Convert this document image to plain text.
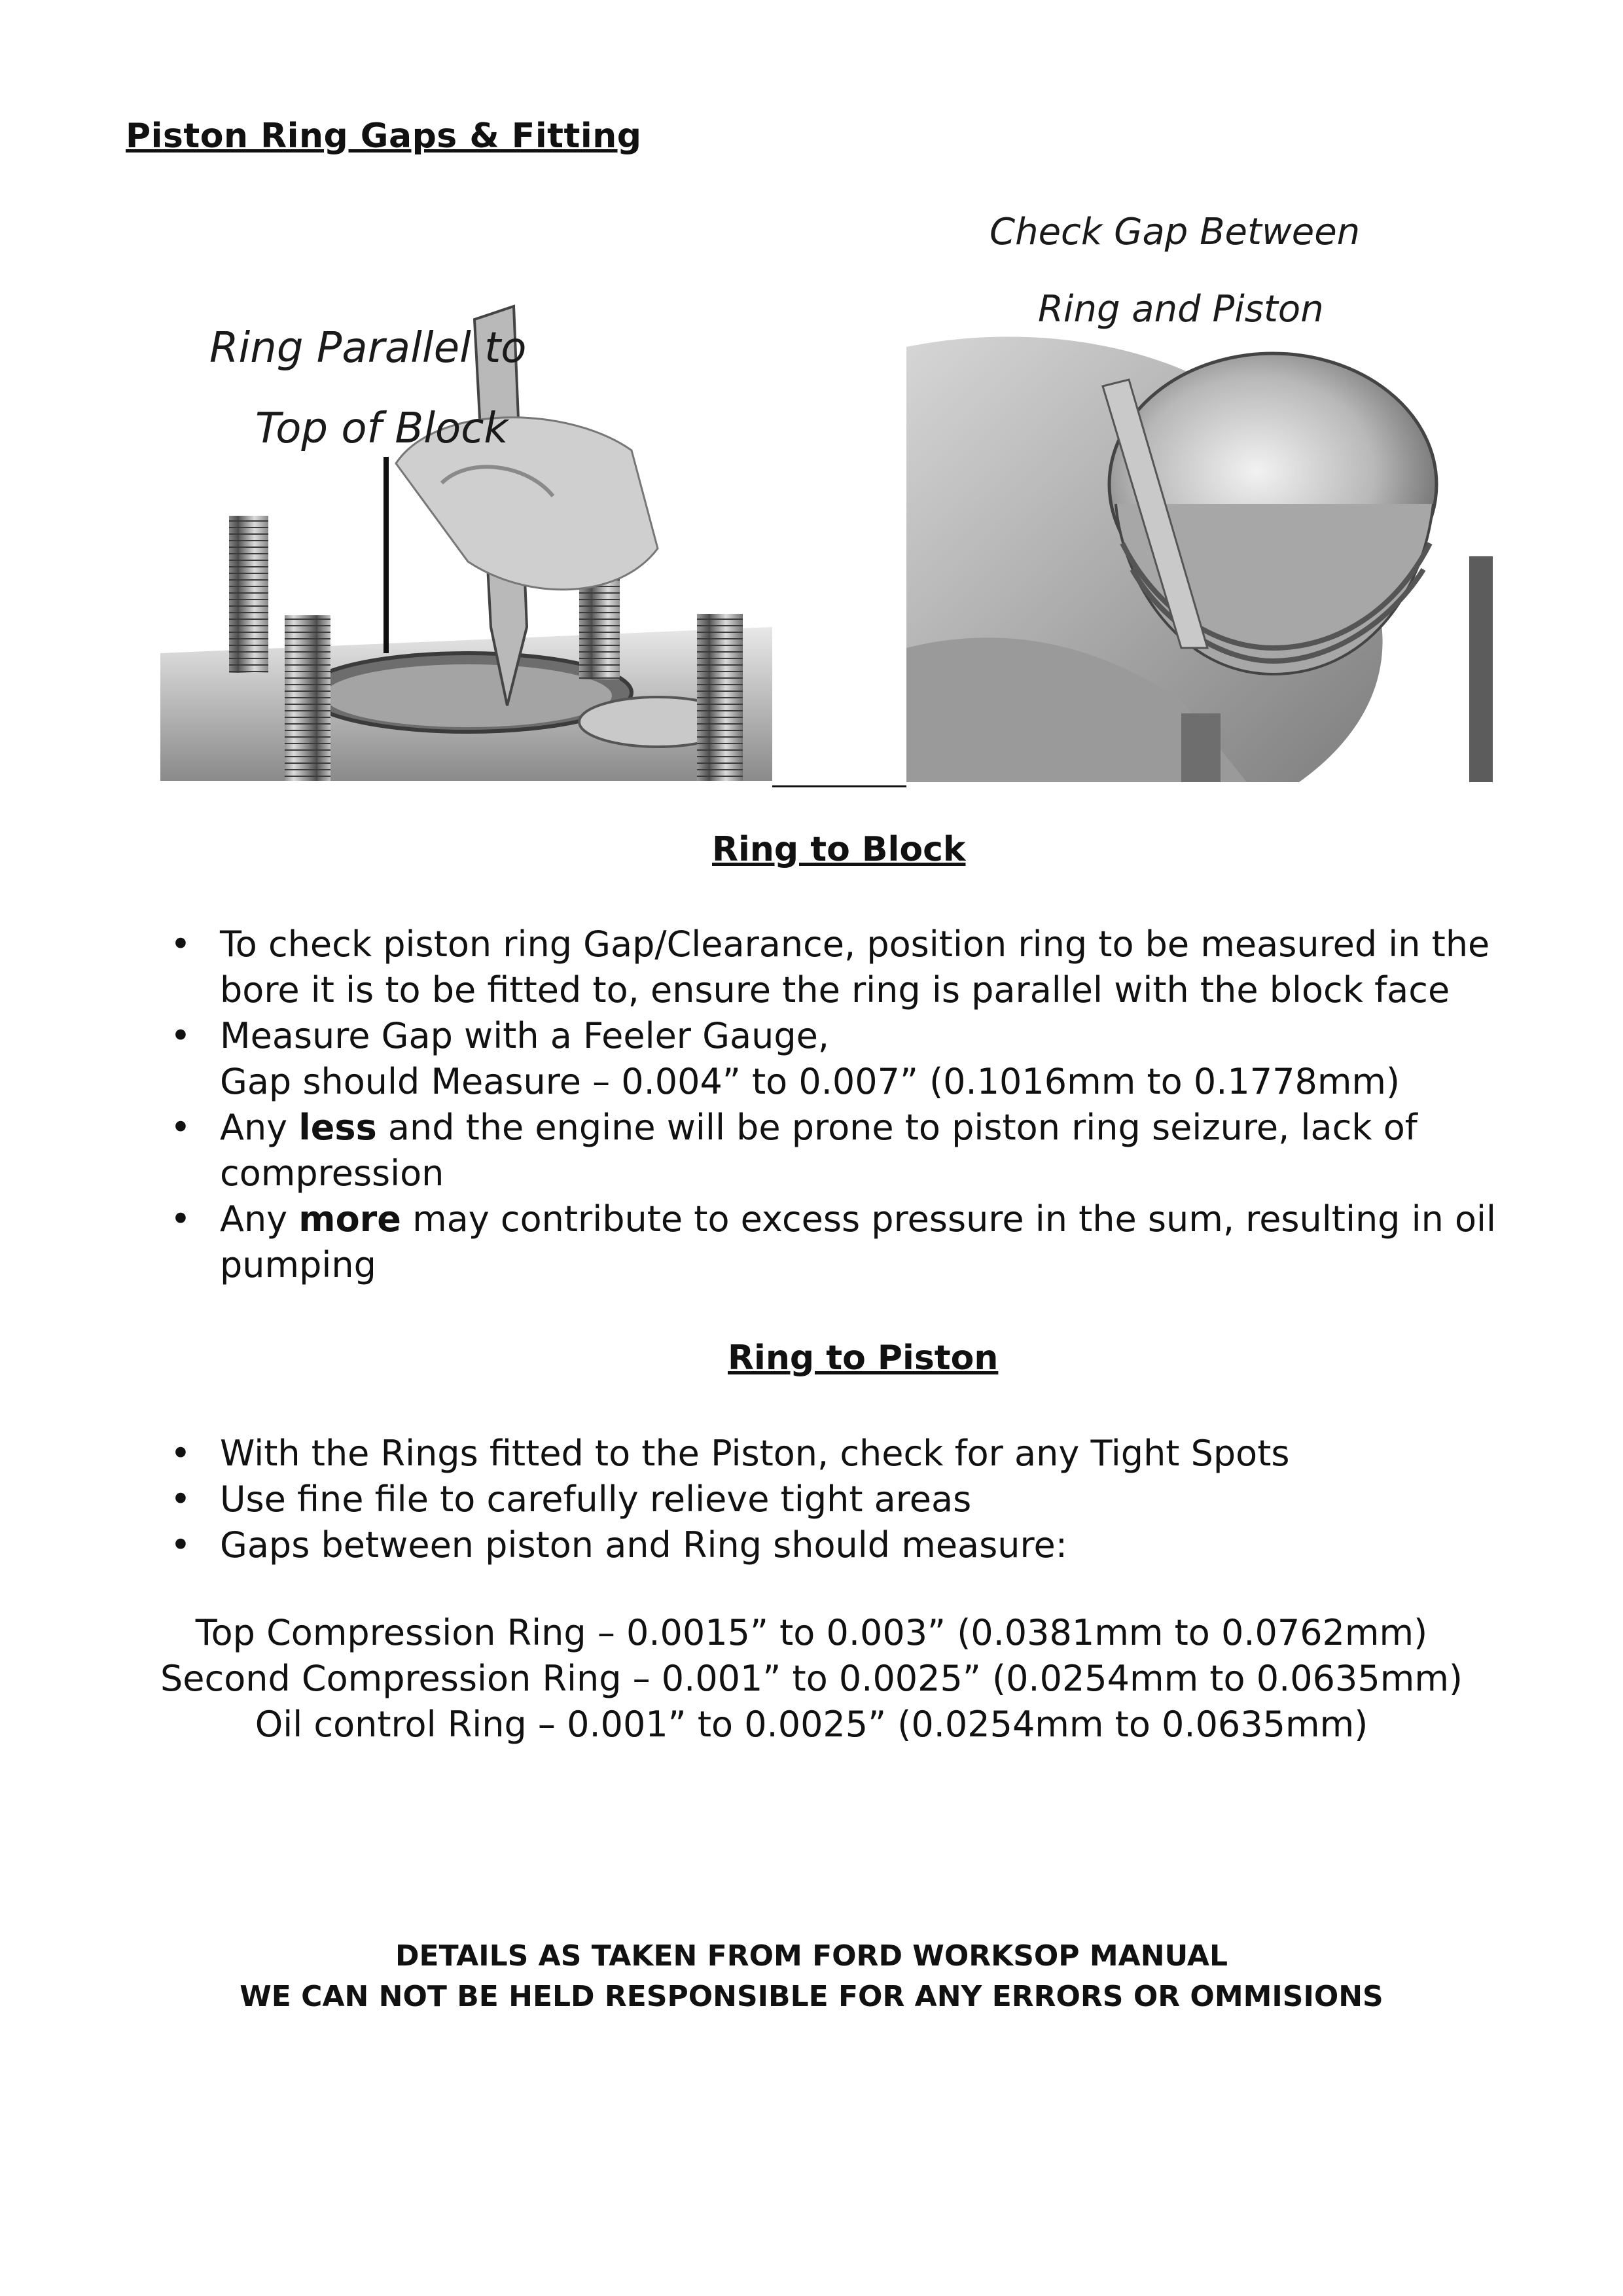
Piston Ring Gaps & Fitting
Ring Parallel to
Top of Block
Check Gap Between
Ring and Piston
Ring to Block
• To check piston ring Gap/Clearance, position ring to be measured in the bore it is to be fitted to, ensure the ring is parallel with the block face
• Measure Gap with a Feeler Gauge,
Gap should Measure – 0.004” to 0.007” (0.1016mm to 0.1778mm)
• Any less and the engine will be prone to piston ring seizure, lack of compression
• Any more may contribute to excess pressure in the sum, resulting in oil pumping
Ring to Piston
• With the Rings fitted to the Piston, check for any Tight Spots
• Use fine file to carefully relieve tight areas
• Gaps between piston and Ring should measure:
Top Compression Ring – 0.0015” to 0.003” (0.0381mm to 0.0762mm)
Second Compression Ring – 0.001” to 0.0025” (0.0254mm to 0.0635mm)
Oil control Ring – 0.001” to 0.0025” (0.0254mm to 0.0635mm)
DETAILS AS TAKEN FROM FORD WORKSOP MANUAL
WE CAN NOT BE HELD RESPONSIBLE FOR ANY ERRORS OR OMMISIONS
